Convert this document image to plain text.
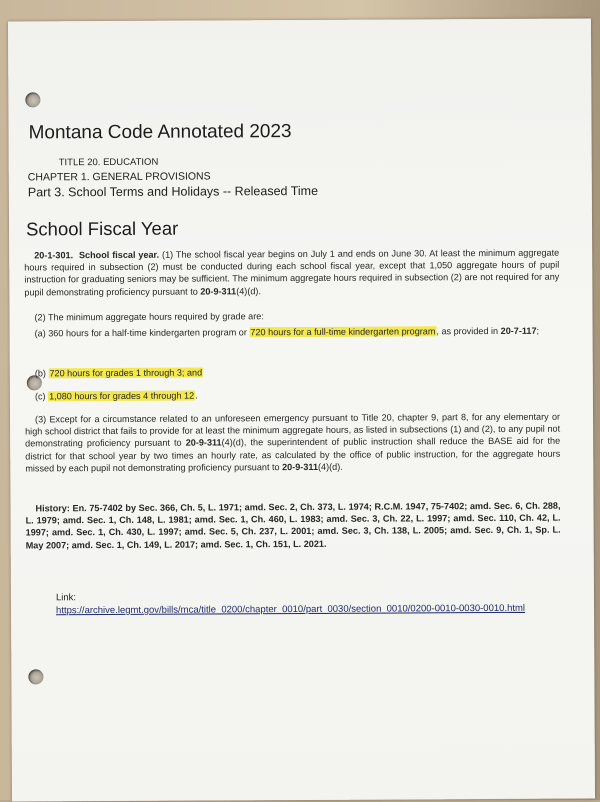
Montana Code Annotated 2023
TITLE 20. EDUCATION
CHAPTER 1. GENERAL PROVISIONS
Part 3. School Terms and Holidays -- Released Time
School Fiscal Year
20-1-301. School fiscal year. (1) The school fiscal year begins on July 1 and ends on June 30. At least the minimum aggregate hours required in subsection (2) must be conducted during each school fiscal year, except that 1,050 aggregate hours of pupil instruction for graduating seniors may be sufficient. The minimum aggregate hours required in subsection (2) are not required for any pupil demonstrating proficiency pursuant to 20-9-311(4)(d).
(2) The minimum aggregate hours required by grade are:
(a) 360 hours for a half-time kindergarten program or 720 hours for a full-time kindergarten program, as provided in 20-7-117;
(b) 720 hours for grades 1 through 3; and
(c) 1,080 hours for grades 4 through 12.
(3) Except for a circumstance related to an unforeseen emergency pursuant to Title 20, chapter 9, part 8, for any elementary or high school district that fails to provide for at least the minimum aggregate hours, as listed in subsections (1) and (2), to any pupil not demonstrating proficiency pursuant to 20-9-311(4)(d), the superintendent of public instruction shall reduce the BASE aid for the district for that school year by two times an hourly rate, as calculated by the office of public instruction, for the aggregate hours missed by each pupil not demonstrating proficiency pursuant to 20-9-311(4)(d).
History: En. 75-7402 by Sec. 366, Ch. 5, L. 1971; amd. Sec. 2, Ch. 373, L. 1974; R.C.M. 1947, 75-7402; amd. Sec. 6, Ch. 288, L. 1979; amd. Sec. 1, Ch. 148, L. 1981; amd. Sec. 1, Ch. 460, L. 1983; amd. Sec. 3, Ch. 22, L. 1997; amd. Sec. 110, Ch. 42, L. 1997; amd. Sec. 1, Ch. 430, L. 1997; amd. Sec. 5, Ch. 237, L. 2001; amd. Sec. 3, Ch. 138, L. 2005; amd. Sec. 9, Ch. 1, Sp. L. May 2007; amd. Sec. 1, Ch. 149, L. 2017; amd. Sec. 1, Ch. 151, L. 2021.
Link:
https://archive.legmt.gov/bills/mca/title_0200/chapter_0010/part_0030/section_0010/0200-0010-0030-0010.html
